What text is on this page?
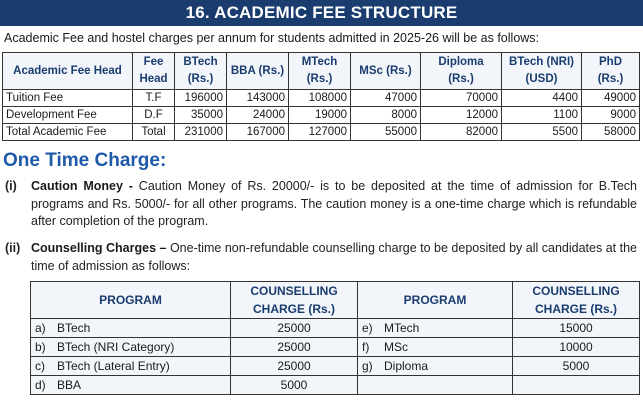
16. ACADEMIC FEE STRUCTURE
Academic Fee and hostel charges per annum for students admitted in 2025-26 will be as follows:
Academic Fee Head	Fee Head	BTech (Rs.)	BBA (Rs.)	MTech (Rs.)	MSc (Rs.)	Diploma (Rs.)	BTech (NRI) (USD)	PhD (Rs.)
Tuition Fee	T.F	196000	143000	108000	47000	70000	4400	49000
Development Fee	D.F	35000	24000	19000	8000	12000	1100	9000
Total Academic Fee	Total	231000	167000	127000	55000	82000	5500	58000
One Time Charge:
(i) Caution Money - Caution Money of Rs. 20000/- is to be deposited at the time of admission for B.Tech programs and Rs. 5000/- for all other programs. The caution money is a one-time charge which is refundable after completion of the program.
(ii) Counselling Charges – One-time non-refundable counselling charge to be deposited by all candidates at the time of admission as follows:
PROGRAM	COUNSELLING CHARGE (Rs.)	PROGRAM	COUNSELLING CHARGE (Rs.)
a) BTech	25000	e) MTech	15000
b) BTech (NRI Category)	25000	f) MSc	10000
c) BTech (Lateral Entry)	25000	g) Diploma	5000
d) BBA	5000		
